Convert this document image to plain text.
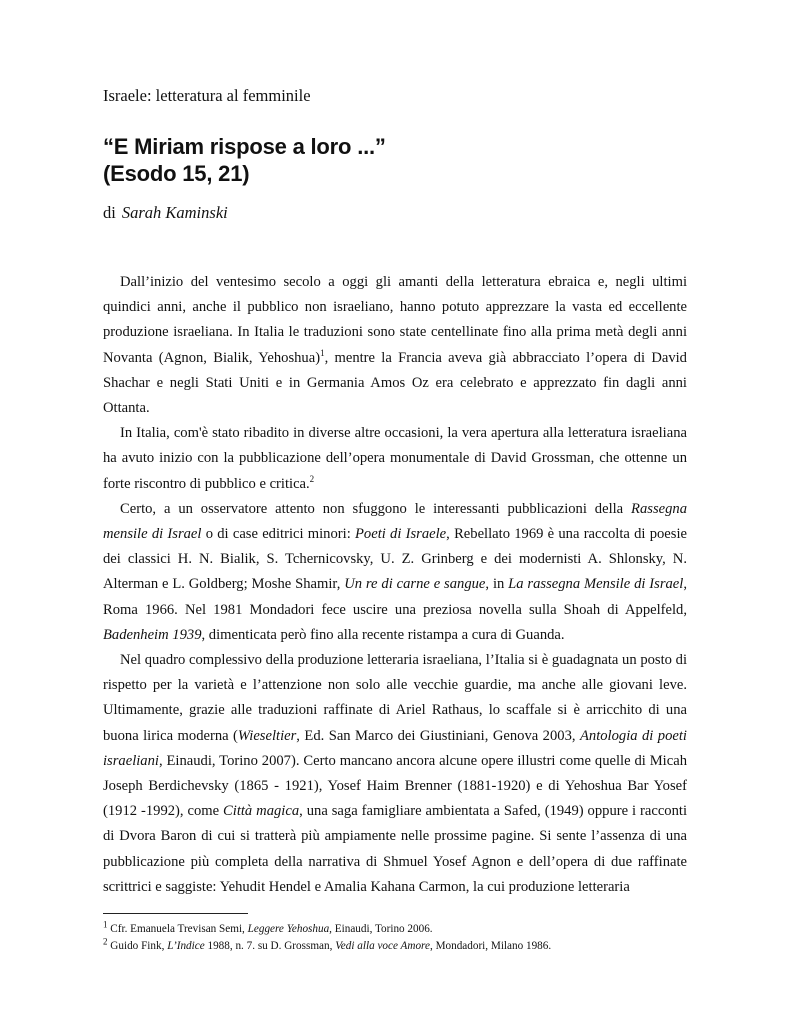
Israele: letteratura al femminile
“E Miriam rispose a loro ...”
(Esodo 15, 21)
di Sarah Kaminski

Dall’inizio del ventesimo secolo a oggi gli amanti della letteratura ebraica e, negli ultimi quindici anni, anche il pubblico non israeliano, hanno potuto apprezzare la vasta ed eccellente produzione israeliana. In Italia le traduzioni sono state centellinate fino alla prima metà degli anni Novanta (Agnon, Bialik, Yehoshua)$^1$, mentre la Francia aveva già abbracciato l’opera di David Shachar e negli Stati Uniti e in Germania Amos Oz era celebrato e apprezzato fin dagli anni Ottanta.

In Italia, com'è stato ribadito in diverse altre occasioni, la vera apertura alla letteratura israeliana ha avuto inizio con la pubblicazione dell’opera monumentale di David Grossman, che ottenne un forte riscontro di pubblico e critica.$^2$

Certo, a un osservatore attento non sfuggono le interessanti pubblicazioni della Rassegna mensile di Israel o di case editrici minori: Poeti di Israele, Rebellato 1969 è una raccolta di poesie dei classici H. N. Bialik, S. Tchernicovsky, U. Z. Grinberg e dei modernisti A. Shlonsky, N. Alterman e L. Goldberg; Moshe Shamir, Un re di carne e sangue, in La rassegna Mensile di Israel, Roma 1966. Nel 1981 Mondadori fece uscire una preziosa novella sulla Shoah di Appelfeld, Badenheim 1939, dimenticata però fino alla recente ristampa a cura di Guanda.

Nel quadro complessivo della produzione letteraria israeliana, l’Italia si è guadagnata un posto di rispetto per la varietà e l’attenzione non solo alle vecchie guardie, ma anche alle giovani leve. Ultimamente, grazie alle traduzioni raffinate di Ariel Rathaus, lo scaffale si è arricchito di una buona lirica moderna (Wieseltier, Ed. San Marco dei Giustiniani, Genova 2003, Antologia di poeti israeliani, Einaudi, Torino 2007). Certo mancano ancora alcune opere illustri come quelle di Micah Joseph Berdichevsky (1865 - 1921), Yosef Haim Brenner (1881-1920) e di Yehoshua Bar Yosef (1912 -1992), come Città magica, una saga famigliare ambientata a Safed, (1949) oppure i racconti di Dvora Baron di cui si tratterà più ampiamente nelle prossime pagine. Si sente l’assenza di una pubblicazione più completa della narrativa di Shmuel Yosef Agnon e dell’opera di due raffinate scrittrici e saggiste: Yehudit Hendel e Amalia Kahana Carmon, la cui produzione letteraria

$^1$ Cfr. Emanuela Trevisan Semi, Leggere Yehoshua, Einaudi, Torino 2006.
$^2$ Guido Fink, L’Indice 1988, n. 7. su D. Grossman, Vedi alla voce Amore, Mondadori, Milano 1986.
